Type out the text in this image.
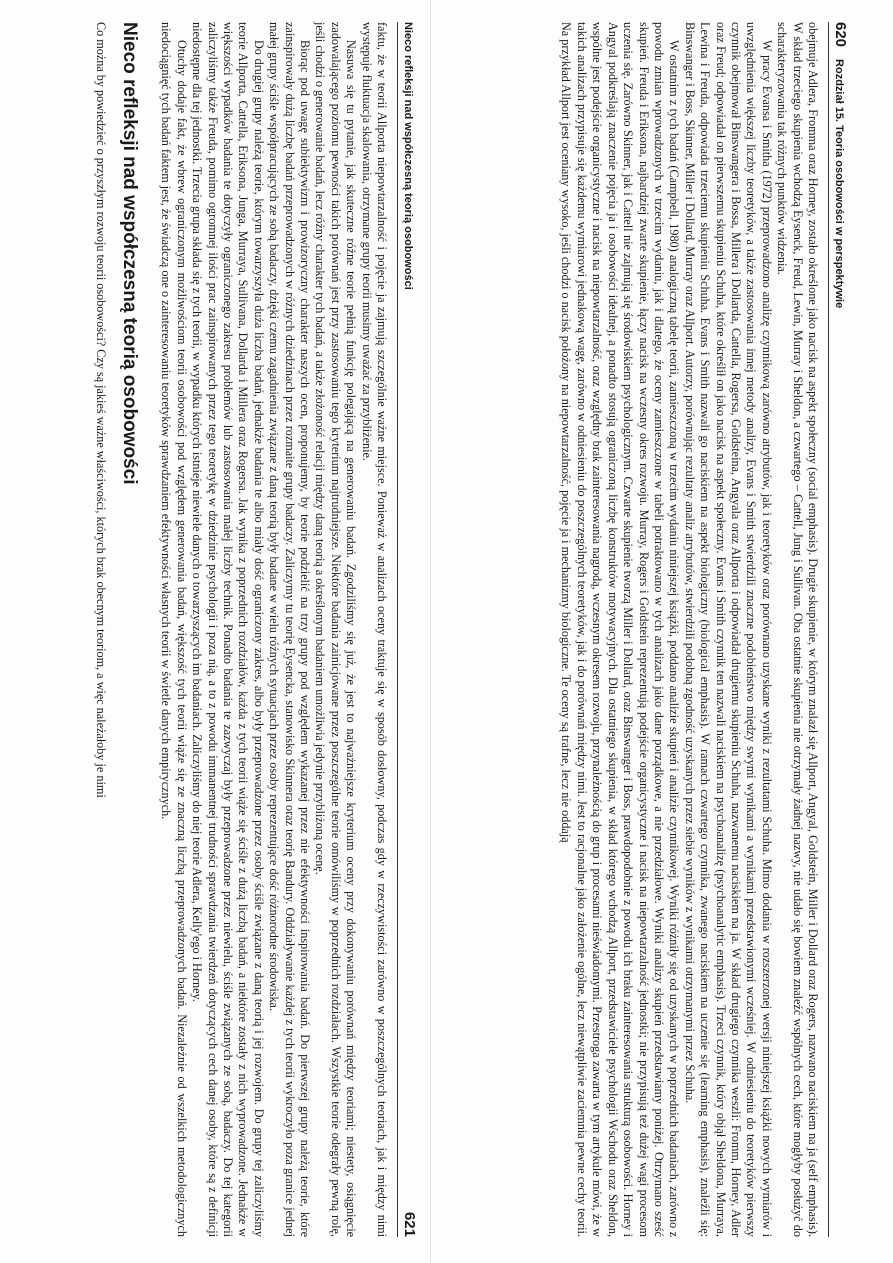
620
Rozdział 15. Teoria osobowości w perspektywie

obejmuje Adlera, Fromma oraz Horney, zostało określone jako nacisk na aspekt społeczny (social emphasis). Drugie skupienie, w którym znalazł się Allport, Angyal, Goldstein, Miller i Dollard oraz Rogers, nazwano naciskiem na ja (self emphasis). W skład trzeciego skupienia wchodzą Eysenck, Freud, Lewin, Murray i Sheldon, a czwartego – Cattell, Jung i Sullivan. Oba ostatnie skupienia nie otrzymały żadnej nazwy, nie udało się bowiem znaleźć wspólnych cech, które mogłyby posłużyć do scharakteryzowania tak różnych punktów widzenia.

W pracy Evansa i Smitha (1972) przeprowadzono analizę czynnikową zarówno atrybutów, jak i teoretyków oraz porównano uzyskane wyniki z rezultatami Schuha. Mimo dodania w rozszerzonej wersji niniejszej książki nowych wymiarów i uwzględnienia większej liczby teoretyków, a także zastosowania innej metody analizy, Evans i Smith stwierdzili znaczne podobieństwo między swymi wynikami a wynikami przedstawionymi wcześniej. W odniesieniu do teoretyków pierwszy czynnik obejmował Binswangera i Bossa, Millera i Dollarda, Cattella, Rogersa, Goldsteina, Angyala oraz Allporta i odpowiadał drugiemu skupieniu Schuha, nazwanemu naciskiem na ja. W skład drugiego czynnika weszli: Fromm, Horney, Adler oraz Freud; odpowiadał on pierwszemu skupieniu Schuha, które określił on jako nacisk na aspekt społeczny. Evans i Smith czynnik ten nazwali naciskiem na psychoanalizę (psychoanalytic emphasis). Trzeci czynnik, który objął Sheldona, Murraya, Lewina i Freuda, odpowiada trzeciemu skupieniu Schuha. Evans i Smith nazwali go naciskiem na aspekt biologiczny (biological emphasis). W ramach czwartego czynnika, zwanego naciskiem na uczenie się (learning emphasis), znaleźli się: Binswanger i Boss, Skinner, Miller i Dollard, Murray oraz Allport. Autorzy, porównując rezultaty analiz atrybutów, stwierdzili podobną zgodność uzyskanych przez siebie wyników z wynikami otrzymanymi przez Schuha.

W ostatnim z tych badań (Campbell, 1980) analogiczną tabelę teorii, zamieszczoną w trzecim wydaniu niniejszej książki, poddano analizie skupień i analizie czynnikowej. Wyniki różniły się od uzyskanych w poprzednich badaniach, zarówno z powodu zmian wprowadzonych w trzecim wydaniu, jak i dlatego, że oceny zamieszczone w tabeli potraktowano w tych analizach jako dane porządkowe, a nie przedziałowe. Wyniki analizy skupień przedstawiamy poniżej. Otrzymano sześć skupień. Freuda i Eriksona, najbardziej zwarte skupienie, łączy nacisk na wczesny okres rozwoju. Murray, Rogers i Goldstein reprezentują podejście organicystyczne i nacisk na niepowtarzalność jednostki; nie przypisują też dużej wagi procesom uczenia się. Zarówno Skinner, jak i Cattell nie zajmują się środowiskiem psychologicznym. Czwarte skupienie tworzą Miller i Dollard, oraz Binswanger i Boss, prawdopodobnie z powodu ich braku zainteresowania strukturą osobowości. Horney i Angyal podkreślają znaczenie pojęcia ja i osobowości idealnej, a ponadto stosują ograniczoną liczbę konstruktów motywacyjnych. Dla ostatniego skupienia, w skład którego wchodzą Allport, przedstawiciele psychologii Wschodu oraz Sheldon, wspólne jest podejście organicystyczne i nacisk na niepowtarzalność, oraz względny brak zainteresowania nagrodą, wczesnym okresem rozwoju, przynależnością do grup i procesami nieświadomymi. Przestroga zawarta w tym artykule mówi, że w takich analizach przypisuje się każdemu wymiarowi jednakową wagę, zarówno w odniesieniu do poszczególnych teoretyków, jak i do porównań między nimi. Jest to racjonalne jako założenie ogólne, lecz niewątpliwie zaciemnia pewne cechy teorii. Na przykład Allport jest oceniany wysoko, jeśli chodzi o nacisk położony na niepowtarzalność, pojęcie ja i mechanizmy biologiczne. Te oceny są trafne, lecz nie oddają

Nieco refleksji nad współczesną teorią osobowości
621

faktu, że w teorii Allporta niepowtarzalność i pojęcie ja zajmują szczególnie ważne miejsce. Ponieważ w analizach oceny traktuje się w sposób dosłowny, podczas gdy w rzeczywistości zarówno w poszczególnych teoriach, jak i między nimi występuje fluktuacja skalowania, otrzymane grupy teorii musimy uważać za przybliżenie.

Nasuwa się tu pytanie, jak skuteczne różne teorie pełnią funkcję polegającą na generowaniu badań. Zgodziliśmy się już, że jest to najważniejsze kryterium oceny przy dokonywaniu porównań między teoriami; niestety, osiągnięcie zadowalającego poziomu pewności takich porównań jest przy zastosowaniu tego kryterium najtrudniejsze. Niektóre badania zainicjowane przez poszczególne teorie omówiliśmy w poprzednich rozdziałach. Wszystkie teorie odegrały pewną rolę, jeśli chodzi o generowanie badań, lecz różny charakter tych badań, a także złożoność relacji między daną teorią a określonym badaniem umożliwia jedynie przybliżoną ocenę.

Biorąc pod uwagę subiektywizm i prowizoryczny charakter naszych ocen, proponujemy, by teorie podzielić na trzy grupy pod względem wykazanej przez nie efektywności inspirowania badań. Do pierwszej grupy należą teorie, które zainspirowały dużą liczbę badań przeprowadzonych w różnych dziedzinach przez rozmaite grupy badaczy. Zaliczymy tu teorię Eysencka, stanowisko Skinnera oraz teorię Bandury. Oddziaływanie każdej z tych teorii wykroczyło poza granice jednej małej grupy ściśle współpracujących ze sobą badaczy, dzięki czemu zagadnienia związane z daną teorią były badane w wielu różnych sytuacjach przez osoby reprezentujące dość różnorodne środowiska.

Do drugiej grupy należą teorie, którym towarzyszyła duża liczba badań, jednakże badania te albo miały dość ograniczony zakres, albo były przeprowadzone przez osoby ściśle związane z daną teorią i jej rozwojem. Do grupy tej zaliczyliśmy teorie Allporta, Cattella, Eriksona, Junga, Murraya, Sullivana, Dollarda i Millera oraz Rogersa. Jak wynika z poprzednich rozdziałów, każda z tych teorii wiąże się ściśle z dużą liczbą badań, a niektóre zostały z nich wyprowadzone. Jednakże w większości wypadków badania te dotyczyły ograniczonego zakresu problemów lub zastosowania małej liczby technik. Ponadto badania te zazwyczaj były przeprowadzone przez niewielu, ściśle związanych ze sobą, badaczy. Do tej kategorii zaliczyliśmy także Freuda, pomimo ogromnej ilości prac zainspirowanych przez tego teoretykę w dziedzinie psychologii i poza nią, a to z powodu immanentnej trudności sprawdzania twierdzeń dotyczących cech danej osoby, które są z definicji niedostępne dla tej jednostki. Trzecia grupa składa się z tych teorii, w wypadku których istnieje niewiele danych o towarzyszących im badaniach. Zaliczyliśmy do niej teorie Adlera, Kelly'ego i Horney.

Otuchy dodaje fakt, że wbrew ograniczonym możliwościom teorii osobowości pod względem generowania badań, większość tych teorii wiąże się ze znaczną liczbą przeprowadzonych badań. Niezależnie od wszelkich metodologicznych niedociągnięć tych badań faktem jest, że świadczą one o zainteresowaniu teoretyków sprawdzaniem efektywności własnych teorii w świetle danych empirycznych.

Nieco refleksji nad współczesną teorią osobowości

Co można by powiedzieć o przyszłym rozwoju teorii osobowości? Czy są jakieś ważne właściwości, których brak obecnym teoriom, a więc należałoby je nimi
